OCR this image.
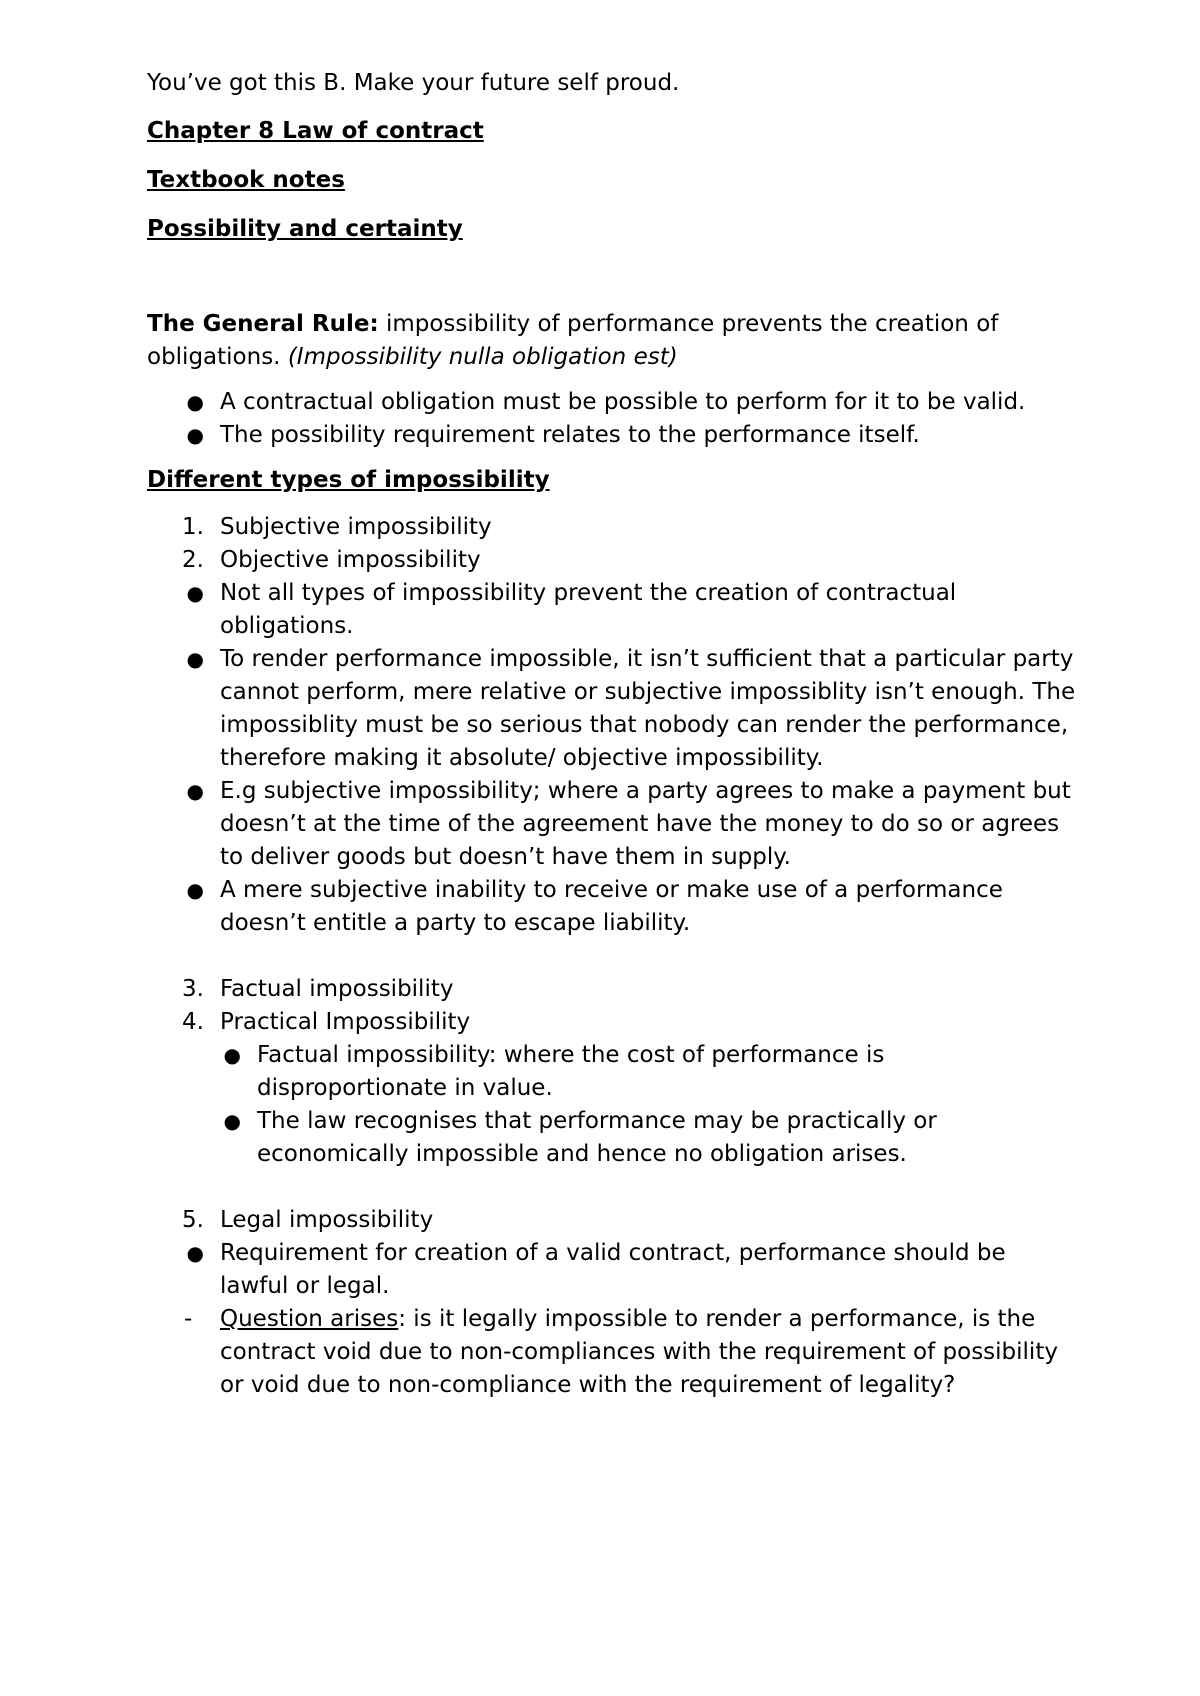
You’ve got this B. Make your future self proud.

Chapter 8 Law of contract

Textbook notes

Possibility and certainty

The General Rule: impossibility of performance prevents the creation of obligations. (Impossibility nulla obligation est)

● A contractual obligation must be possible to perform for it to be valid.
● The possibility requirement relates to the performance itself.

Different types of impossibility

1. Subjective impossibility
2. Objective impossibility
● Not all types of impossibility prevent the creation of contractual obligations.
● To render performance impossible, it isn’t sufficient that a particular party cannot perform, mere relative or subjective impossiblity isn’t enough. The impossiblity must be so serious that nobody can render the performance, therefore making it absolute/ objective impossibility.
● E.g subjective impossibility; where a party agrees to make a payment but doesn’t at the time of the agreement have the money to do so or agrees to deliver goods but doesn’t have them in supply.
● A mere subjective inability to receive or make use of a performance doesn’t entitle a party to escape liability.
3. Factual impossibility
4. Practical Impossibility
● Factual impossibility: where the cost of performance is disproportionate in value.
● The law recognises that performance may be practically or economically impossible and hence no obligation arises.
5. Legal impossibility
● Requirement for creation of a valid contract, performance should be lawful or legal.
-	Question arises: is it legally impossible to render a performance, is the contract void due to non-compliances with the requirement of possibility or void due to non-compliance with the requirement of legality?
